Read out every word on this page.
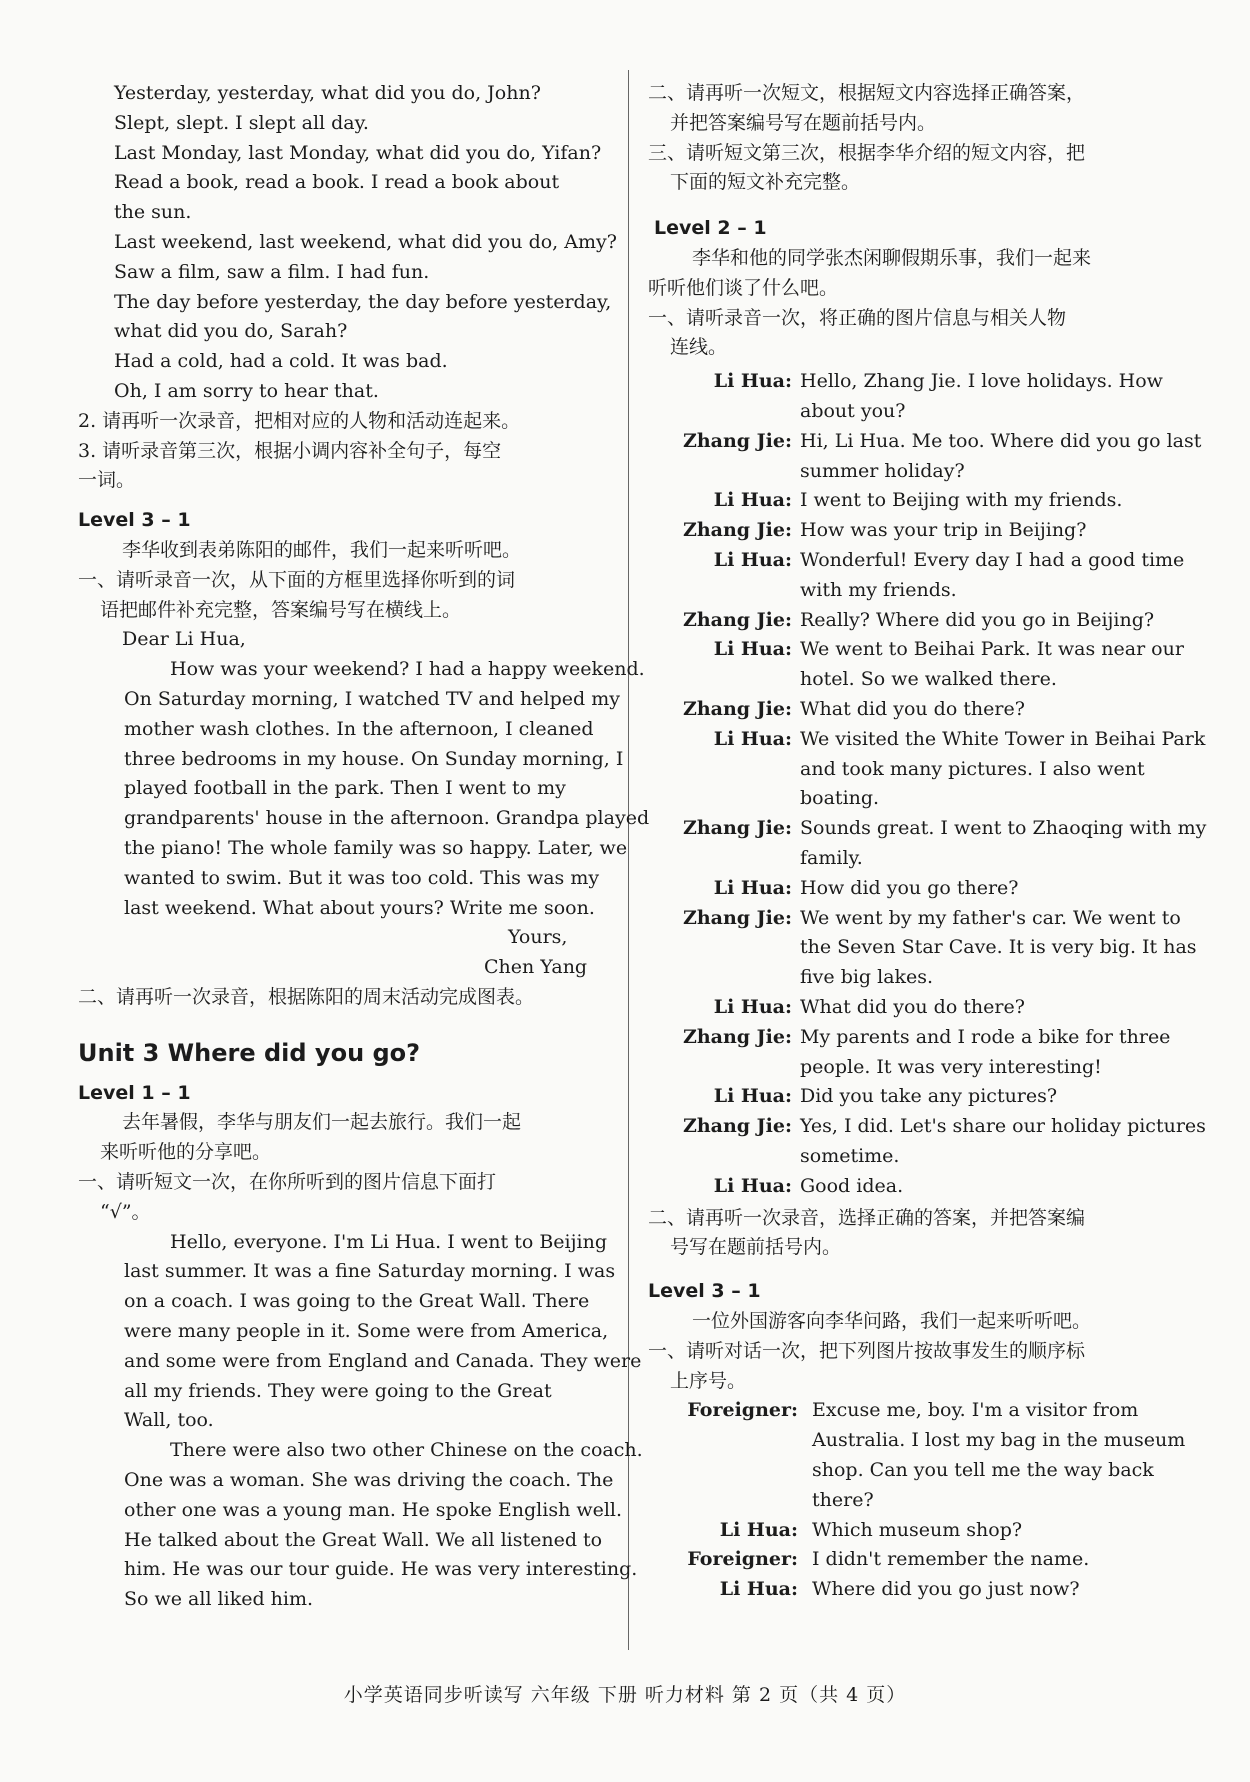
Yesterday, yesterday, what did you do, John?
Slept, slept. I slept all day.
Last Monday, last Monday, what did you do, Yifan?
Read a book, read a book. I read a book about
the sun.
Last weekend, last weekend, what did you do, Amy?
Saw a film, saw a film. I had fun.
The day before yesterday, the day before yesterday,
what did you do, Sarah?
Had a cold, had a cold. It was bad.
Oh, I am sorry to hear that.
2. 请再听一次录音，把相对应的人物和活动连起来。
3. 请听录音第三次，根据小调内容补全句子，每空
一词。
Level 3 – 1
李华收到表弟陈阳的邮件，我们一起来听听吧。
一、请听录音一次，从下面的方框里选择你听到的词
语把邮件补充完整，答案编号写在横线上。
Dear Li Hua,
How was your weekend? I had a happy weekend.
On Saturday morning, I watched TV and helped my
mother wash clothes. In the afternoon, I cleaned
three bedrooms in my house. On Sunday morning, I
played football in the park. Then I went to my
grandparents' house in the afternoon. Grandpa played
the piano! The whole family was so happy. Later, we
wanted to swim. But it was too cold. This was my
last weekend. What about yours? Write me soon.
Yours,
Chen Yang
二、请再听一次录音，根据陈阳的周末活动完成图表。
Unit 3 Where did you go?
Level 1 – 1
去年暑假，李华与朋友们一起去旅行。我们一起
来听听他的分享吧。
一、请听短文一次，在你所听到的图片信息下面打
“√”。
Hello, everyone. I'm Li Hua. I went to Beijing
last summer. It was a fine Saturday morning. I was
on a coach. I was going to the Great Wall. There
were many people in it. Some were from America,
and some were from England and Canada. They were
all my friends. They were going to the Great
Wall, too.
There were also two other Chinese on the coach.
One was a woman. She was driving the coach. The
other one was a young man. He spoke English well.
He talked about the Great Wall. We all listened to
him. He was our tour guide. He was very interesting.
So we all liked him.
二、请再听一次短文，根据短文内容选择正确答案，
并把答案编号写在题前括号内。
三、请听短文第三次，根据李华介绍的短文内容，把
下面的短文补充完整。
Level 2 – 1
李华和他的同学张杰闲聊假期乐事，我们一起来
听听他们谈了什么吧。
一、请听录音一次，将正确的图片信息与相关人物
连线。
Li Hua: Hello, Zhang Jie. I love holidays. How
about you?
Zhang Jie: Hi, Li Hua. Me too. Where did you go last
summer holiday?
Li Hua: I went to Beijing with my friends.
Zhang Jie: How was your trip in Beijing?
Li Hua: Wonderful! Every day I had a good time
with my friends.
Zhang Jie: Really? Where did you go in Beijing?
Li Hua: We went to Beihai Park. It was near our
hotel. So we walked there.
Zhang Jie: What did you do there?
Li Hua: We visited the White Tower in Beihai Park
and took many pictures. I also went
boating.
Zhang Jie: Sounds great. I went to Zhaoqing with my
family.
Li Hua: How did you go there?
Zhang Jie: We went by my father's car. We went to
the Seven Star Cave. It is very big. It has
five big lakes.
Li Hua: What did you do there?
Zhang Jie: My parents and I rode a bike for three
people. It was very interesting!
Li Hua: Did you take any pictures?
Zhang Jie: Yes, I did. Let's share our holiday pictures
sometime.
Li Hua: Good idea.
二、请再听一次录音，选择正确的答案，并把答案编
号写在题前括号内。
Level 3 – 1
一位外国游客向李华问路，我们一起来听听吧。
一、请听对话一次，把下列图片按故事发生的顺序标
上序号。
Foreigner: Excuse me, boy. I'm a visitor from
Australia. I lost my bag in the museum
shop. Can you tell me the way back
there?
Li Hua: Which museum shop?
Foreigner: I didn't remember the name.
Li Hua: Where did you go just now?
小学英语同步听读写 六年级 下册 听力材料 第 2 页（共 4 页）
